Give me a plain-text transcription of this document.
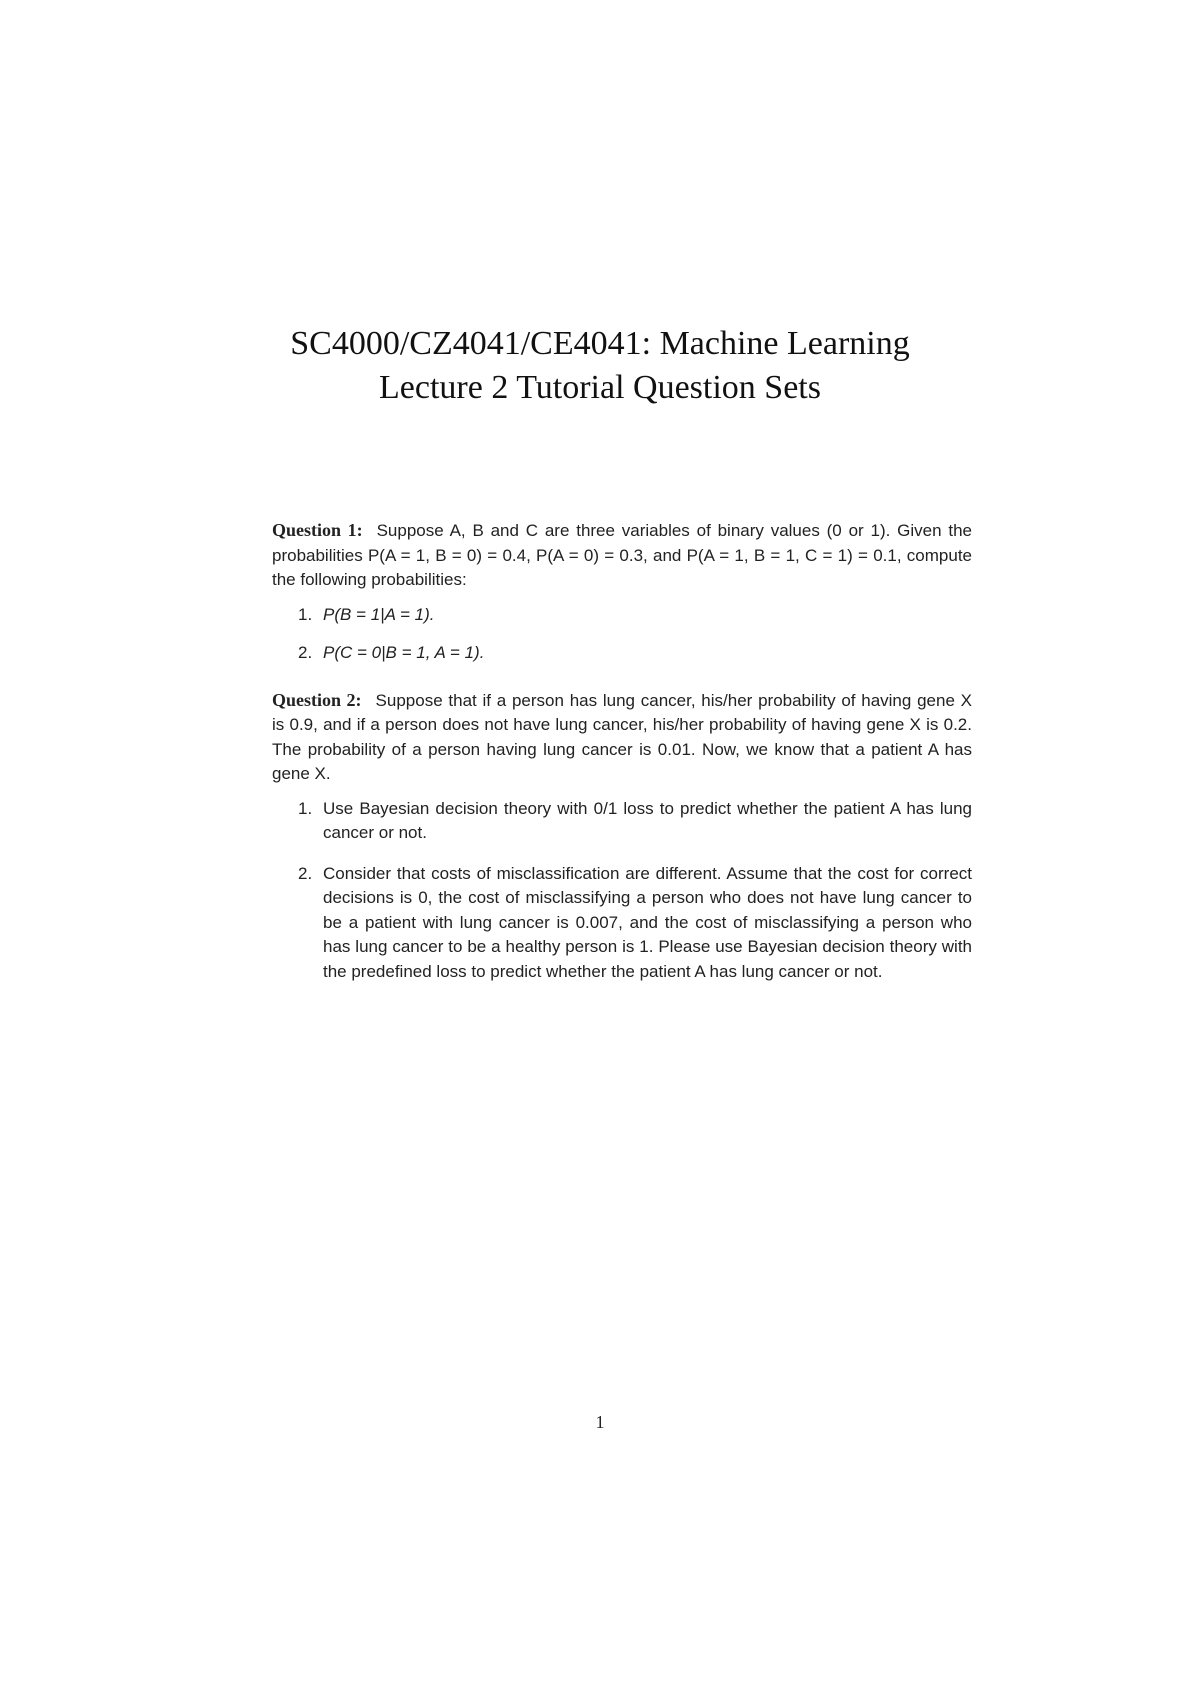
SC4000/CZ4041/CE4041: Machine Learning
Lecture 2 Tutorial Question Sets

Question 1: Suppose A, B and C are three variables of binary values (0 or 1). Given the probabilities P(A = 1, B = 0) = 0.4, P(A = 0) = 0.3, and P(A = 1, B = 1, C = 1) = 0.1, compute the following probabilities:

1. P(B = 1|A = 1).
2. P(C = 0|B = 1, A = 1).

Question 2: Suppose that if a person has lung cancer, his/her probability of having gene X is 0.9, and if a person does not have lung cancer, his/her probability of having gene X is 0.2. The probability of a person having lung cancer is 0.01. Now, we know that a patient A has gene X.

1. Use Bayesian decision theory with 0/1 loss to predict whether the patient A has lung cancer or not.
2. Consider that costs of misclassification are different. Assume that the cost for correct decisions is 0, the cost of misclassifying a person who does not have lung cancer to be a patient with lung cancer is 0.007, and the cost of misclassifying a person who has lung cancer to be a healthy person is 1. Please use Bayesian decision theory with the predefined loss to predict whether the patient A has lung cancer or not.
1
